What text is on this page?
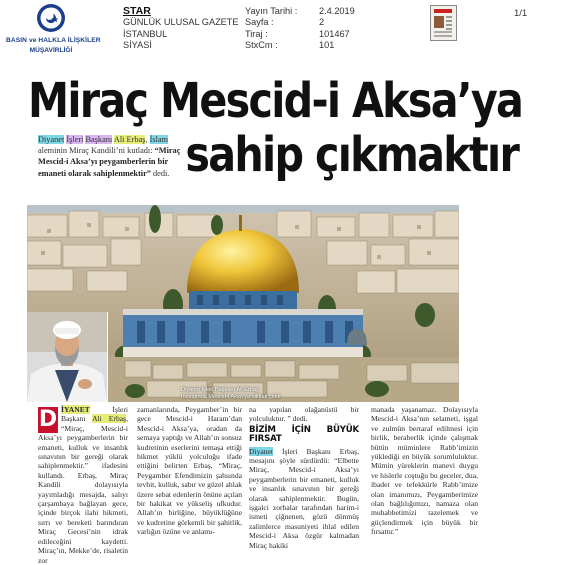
BASIN ve HALKLA İLİŞKİLER
MÜŞAVİRLİĞİ
STAR
GÜNLÜK ULUSAL GAZETE
İSTANBUL
SİYASİ
Yayın Tarihi : 2.4.2019
Sayfa :	2
Tiraj :	101467
StxCm :	101
1/1
Miraç Mescid-i Aksa’ya
sahip çıkmaktır
Diyanet İşleri Başkanı Ali Erbaş, İslam aleminin Miraç Kandili’ni kutladı: “Miraç Mescid-i Aksa’yı peygamberlerin bir emaneti olarak sahiplenmektir” dedi.
Diyanet İşleri Başkanı Ali Erbaş,
mesajında Mescid-i Aksa’ya dikkati çekti.
D İYANET İşleri Başkanı Ali Erbaş, “Miraç, Mescid-i Aksa’yı peygamberlerin bir emaneti, kulluk ve insanlık sınavının bir gereği olarak sahiplenmektir.” ifadesini kullandı. Erbaş, Miraç Kandili dolayısıyla yayımladığı mesajda, salıyı çarşambaya bağlayan gece, içinde birçok ilahi hikmeti, sırrı ve bereketi barındıran Miraç Gecesi’nin idrak edileceğini kaydetti. Miraç’ın, Mekke’de, risaletin zor
zamanlarında, Peygamber’in bir gece Mescid-i Haram’dan Mescid-i Aksa’ya, oradan da semaya yaptığı ve Allah’ın sonsuz kudretinin eserlerini temaşa ettiği hikmet yüklü yolculuğu ifade ettiğini belirten Erbaş, “Miraç, Peygamber Efendimizin şahsında tevhit, kulluk, sabır ve güzel ahlak üzere sebat edenlerin önüne açılan bir hakikat ve yükseliş ufkudur. Allah’ın birliğine, büyüklüğüne ve kudretine görkemli bir şahitlik, varlığın özüne ve anlamı-
na yapılan olağanüstü bir yolculuktur. ” dedi.
BİZİM İÇİN BÜYÜK FIRSAT
Diyanet İşleri Başkanı Erbaş, mesajını şöyle sürdürdü: “Elbette Miraç, Mescid-i Aksa’yı peygamberlerin bir emaneti, kulluk ve insanlık sınavının bir gereği olarak sahiplenmektir. Bugün, işgalci zorbalar tarafından harim-i ismeti çiğnenen, gözü dönmüş zalimlerce masuniyeti ihlal edilen Mescid-i Aksa özgür kalmadan Miraç hakiki
manada yaşanamaz. Dolayısıyla Mescid-i Aksa’nın selameti, işgal ve zulmün bertaraf edilmesi için birlik, beraberlik içinde çalışmak bütün müminlere Rabb’imizin yüklediği en büyük sorumluluktur. Mümin yüreklerin manevi duygu ve hislerle coştuğu bu geceler, dua, ibadet ve tefekkürle Rabb’imize olan imanımızı, Peygamberimize olan bağlılığımızı, namaza olan muhabbetimizi tazelemek ve güçlendirmek için büyük bir fırsattır.”
